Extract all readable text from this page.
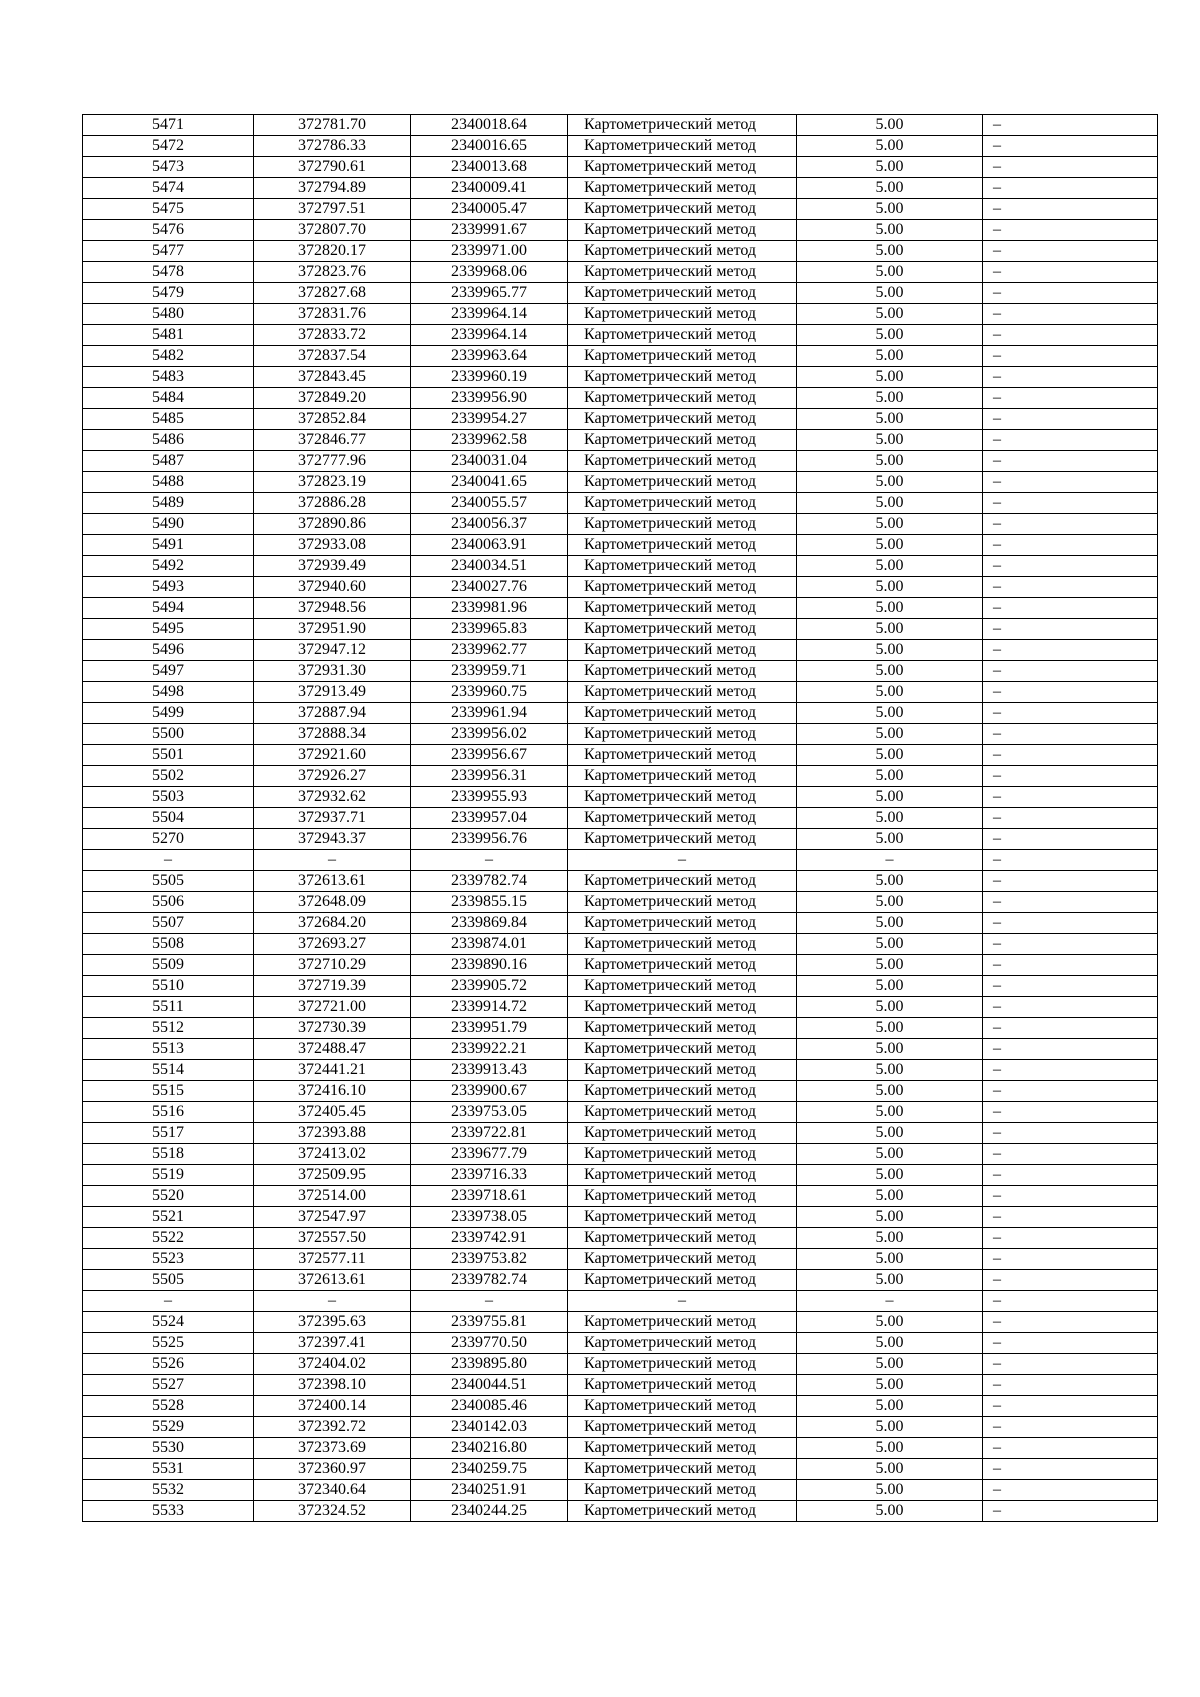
5471	372781.70	2340018.64	Картометрический метод	5.00	–
5472	372786.33	2340016.65	Картометрический метод	5.00	–
5473	372790.61	2340013.68	Картометрический метод	5.00	–
5474	372794.89	2340009.41	Картометрический метод	5.00	–
5475	372797.51	2340005.47	Картометрический метод	5.00	–
5476	372807.70	2339991.67	Картометрический метод	5.00	–
5477	372820.17	2339971.00	Картометрический метод	5.00	–
5478	372823.76	2339968.06	Картометрический метод	5.00	–
5479	372827.68	2339965.77	Картометрический метод	5.00	–
5480	372831.76	2339964.14	Картометрический метод	5.00	–
5481	372833.72	2339964.14	Картометрический метод	5.00	–
5482	372837.54	2339963.64	Картометрический метод	5.00	–
5483	372843.45	2339960.19	Картометрический метод	5.00	–
5484	372849.20	2339956.90	Картометрический метод	5.00	–
5485	372852.84	2339954.27	Картометрический метод	5.00	–
5486	372846.77	2339962.58	Картометрический метод	5.00	–
5487	372777.96	2340031.04	Картометрический метод	5.00	–
5488	372823.19	2340041.65	Картометрический метод	5.00	–
5489	372886.28	2340055.57	Картометрический метод	5.00	–
5490	372890.86	2340056.37	Картометрический метод	5.00	–
5491	372933.08	2340063.91	Картометрический метод	5.00	–
5492	372939.49	2340034.51	Картометрический метод	5.00	–
5493	372940.60	2340027.76	Картометрический метод	5.00	–
5494	372948.56	2339981.96	Картометрический метод	5.00	–
5495	372951.90	2339965.83	Картометрический метод	5.00	–
5496	372947.12	2339962.77	Картометрический метод	5.00	–
5497	372931.30	2339959.71	Картометрический метод	5.00	–
5498	372913.49	2339960.75	Картометрический метод	5.00	–
5499	372887.94	2339961.94	Картометрический метод	5.00	–
5500	372888.34	2339956.02	Картометрический метод	5.00	–
5501	372921.60	2339956.67	Картометрический метод	5.00	–
5502	372926.27	2339956.31	Картометрический метод	5.00	–
5503	372932.62	2339955.93	Картометрический метод	5.00	–
5504	372937.71	2339957.04	Картометрический метод	5.00	–
5270	372943.37	2339956.76	Картометрический метод	5.00	–
–	–	–	–	–	–
5505	372613.61	2339782.74	Картометрический метод	5.00	–
5506	372648.09	2339855.15	Картометрический метод	5.00	–
5507	372684.20	2339869.84	Картометрический метод	5.00	–
5508	372693.27	2339874.01	Картометрический метод	5.00	–
5509	372710.29	2339890.16	Картометрический метод	5.00	–
5510	372719.39	2339905.72	Картометрический метод	5.00	–
5511	372721.00	2339914.72	Картометрический метод	5.00	–
5512	372730.39	2339951.79	Картометрический метод	5.00	–
5513	372488.47	2339922.21	Картометрический метод	5.00	–
5514	372441.21	2339913.43	Картометрический метод	5.00	–
5515	372416.10	2339900.67	Картометрический метод	5.00	–
5516	372405.45	2339753.05	Картометрический метод	5.00	–
5517	372393.88	2339722.81	Картометрический метод	5.00	–
5518	372413.02	2339677.79	Картометрический метод	5.00	–
5519	372509.95	2339716.33	Картометрический метод	5.00	–
5520	372514.00	2339718.61	Картометрический метод	5.00	–
5521	372547.97	2339738.05	Картометрический метод	5.00	–
5522	372557.50	2339742.91	Картометрический метод	5.00	–
5523	372577.11	2339753.82	Картометрический метод	5.00	–
5505	372613.61	2339782.74	Картометрический метод	5.00	–
–	–	–	–	–	–
5524	372395.63	2339755.81	Картометрический метод	5.00	–
5525	372397.41	2339770.50	Картометрический метод	5.00	–
5526	372404.02	2339895.80	Картометрический метод	5.00	–
5527	372398.10	2340044.51	Картометрический метод	5.00	–
5528	372400.14	2340085.46	Картометрический метод	5.00	–
5529	372392.72	2340142.03	Картометрический метод	5.00	–
5530	372373.69	2340216.80	Картометрический метод	5.00	–
5531	372360.97	2340259.75	Картометрический метод	5.00	–
5532	372340.64	2340251.91	Картометрический метод	5.00	–
5533	372324.52	2340244.25	Картометрический метод	5.00	–
